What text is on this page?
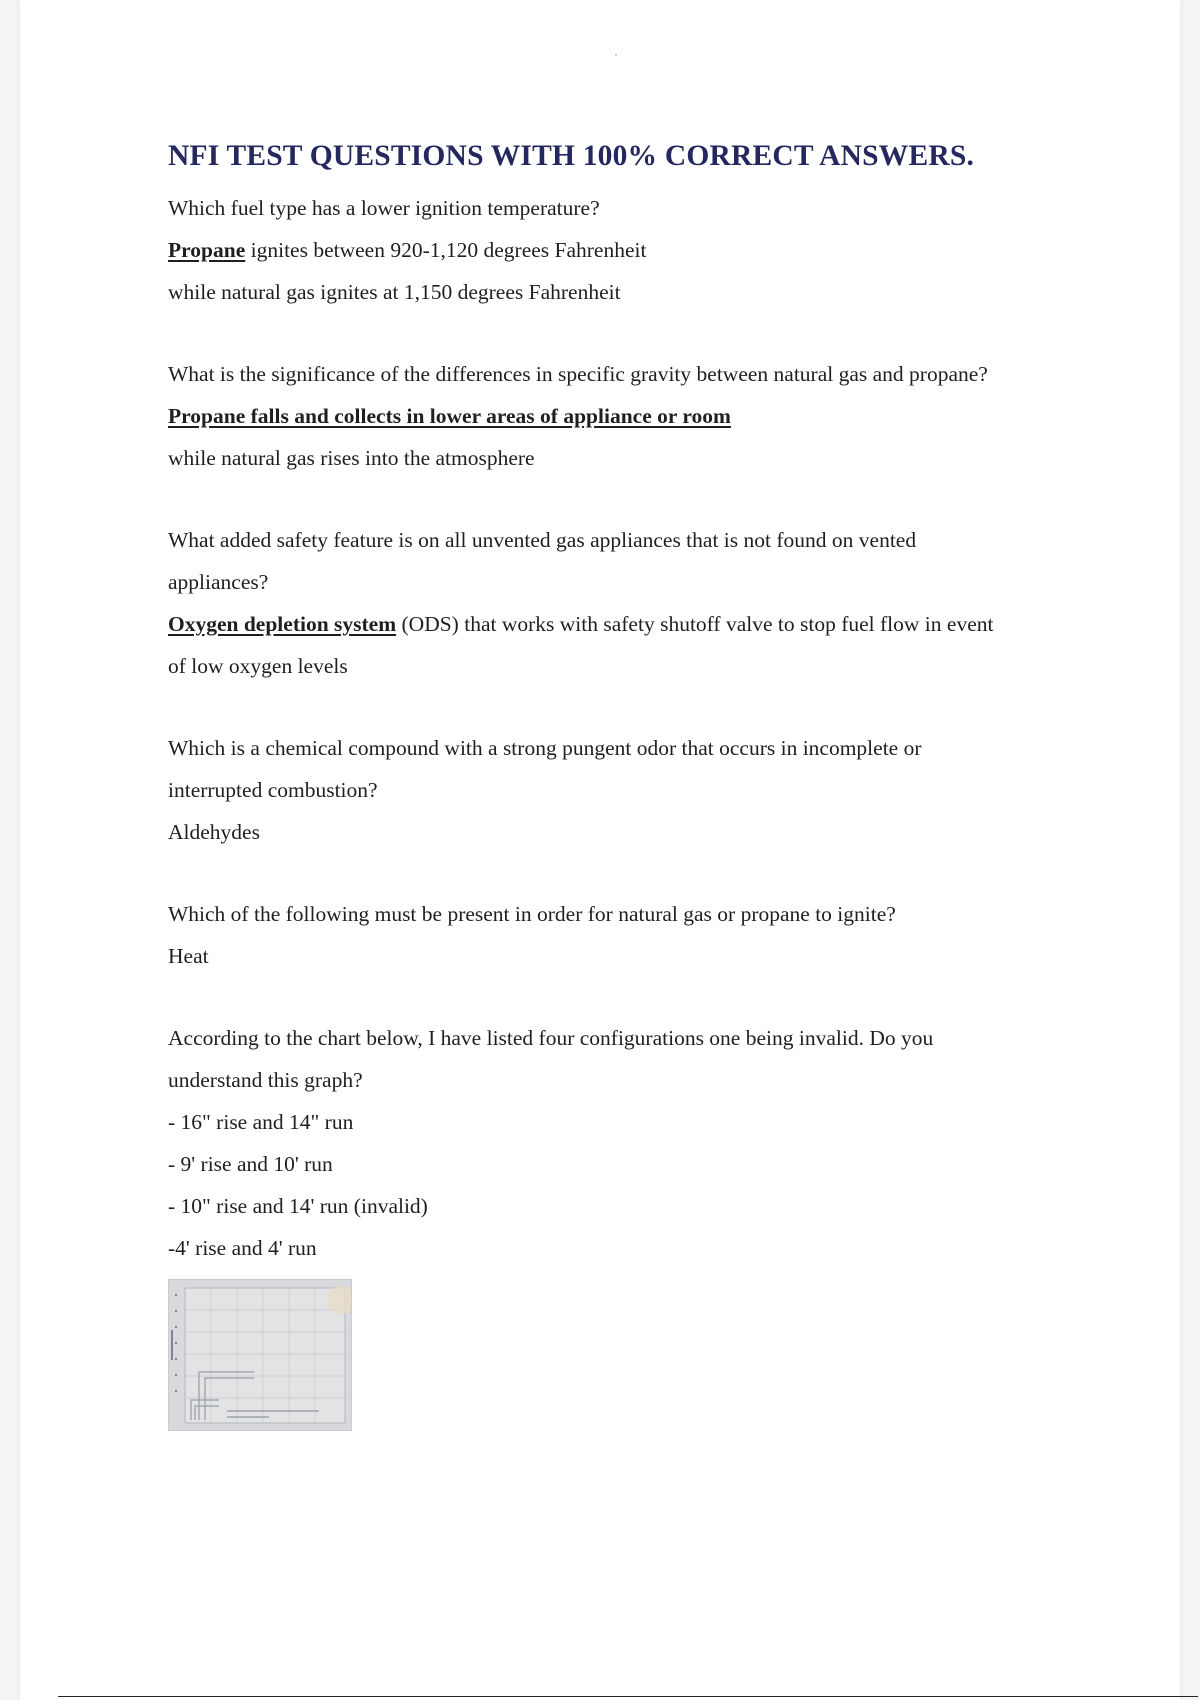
NFI TEST QUESTIONS WITH 100% CORRECT ANSWERS.

Which fuel type has a lower ignition temperature?

Propane ignites between 920-1,120 degrees Fahrenheit

while natural gas ignites at 1,150 degrees Fahrenheit

What is the significance of the differences in specific gravity between natural gas and propane?

Propane falls and collects in lower areas of appliance or room

while natural gas rises into the atmosphere

What added safety feature is on all unvented gas appliances that is not found on vented

appliances?

Oxygen depletion system (ODS) that works with safety shutoff valve to stop fuel flow in event

of low oxygen levels

Which is a chemical compound with a strong pungent odor that occurs in incomplete or

interrupted combustion?

Aldehydes

Which of the following must be present in order for natural gas or propane to ignite?

Heat

According to the chart below, I have listed four configurations one being invalid. Do you

understand this graph?

- 16" rise and 14" run

- 9' rise and 10' run

- 10" rise and 14' run (invalid)

-4' rise and 4' run
